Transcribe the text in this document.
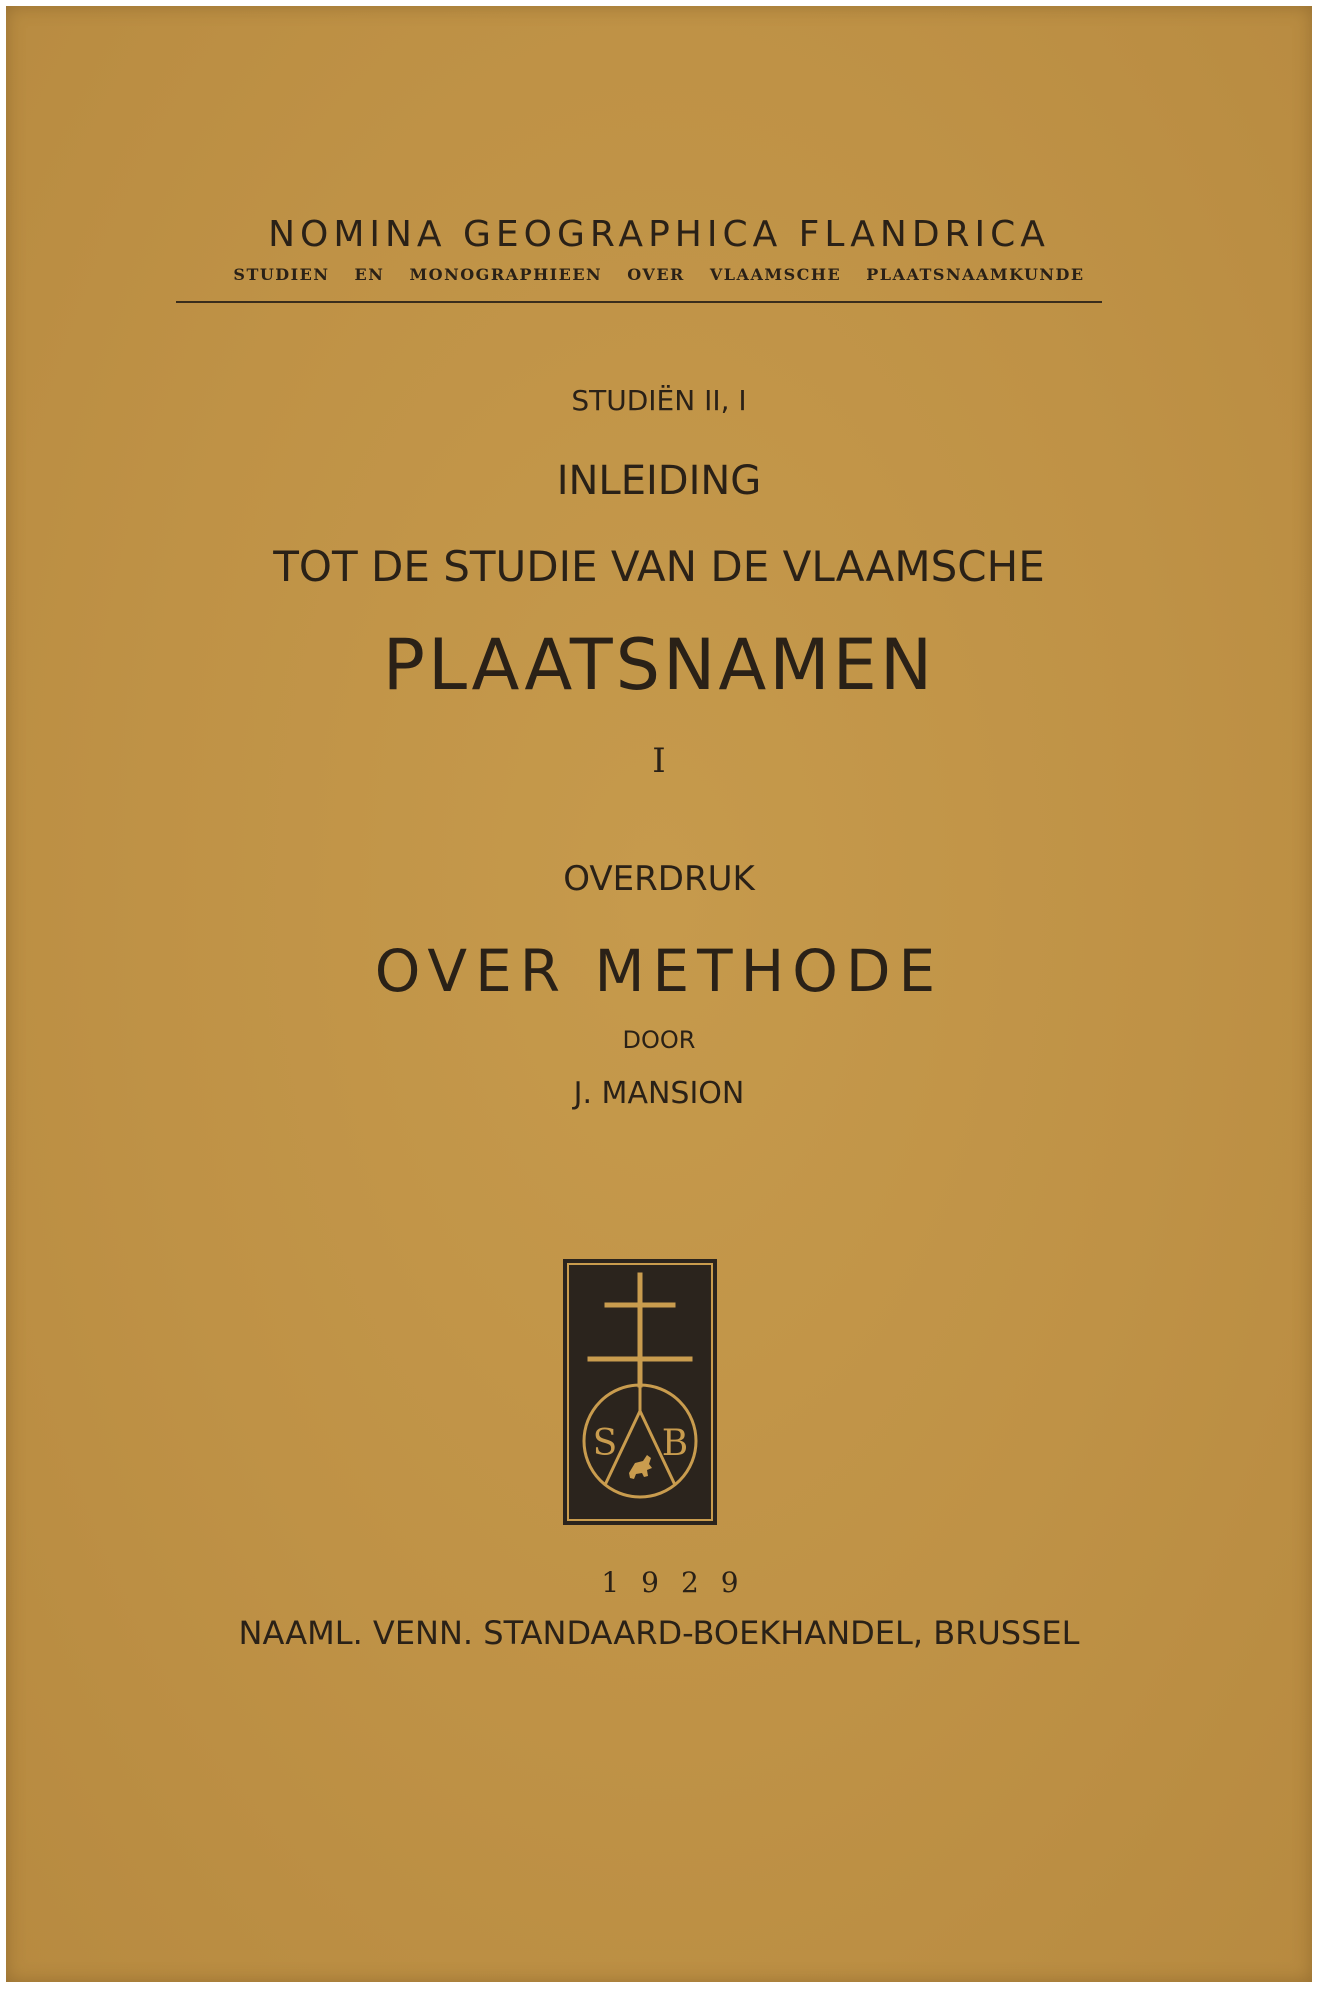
NOMINA GEOGRAPHICA FLANDRICA
STUDIEN EN MONOGRAPHIEEN OVER VLAAMSCHE PLAATSNAAMKUNDE
STUDIËN II, I
INLEIDING
TOT DE STUDIE VAN DE VLAAMSCHE
PLAATSNAMEN
I
OVERDRUK
OVER METHODE
DOOR
J. MANSION
S B
1929
NAAML. VENN. STANDAARD-BOEKHANDEL, BRUSSEL
